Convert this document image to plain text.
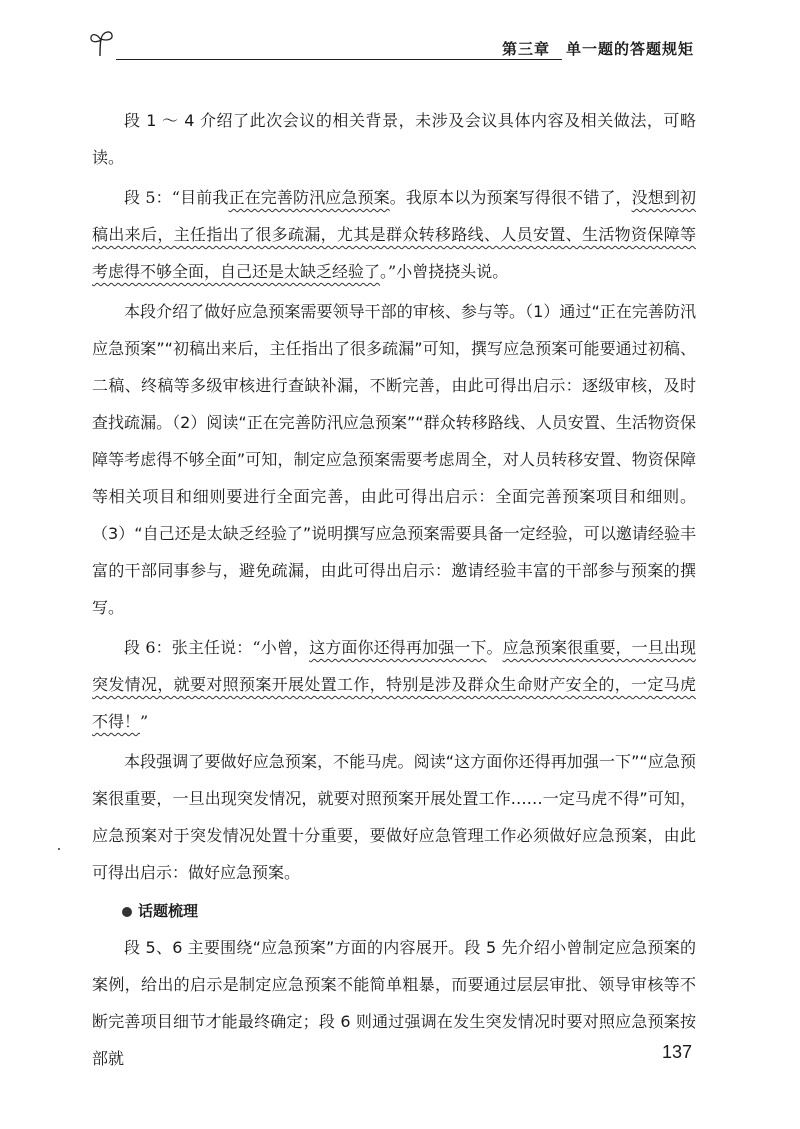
第三章　单一题的答题规矩

段 1 ～ 4 介绍了此次会议的相关背景，未涉及会议具体内容及相关做法，可略读。

段 5：“目前我正在完善防汛应急预案。我原本以为预案写得很不错了，没想到初稿出来后，主任指出了很多疏漏，尤其是群众转移路线、人员安置、生活物资保障等考虑得不够全面，自己还是太缺乏经验了。”小曾挠挠头说。

本段介绍了做好应急预案需要领导干部的审核、参与等。（1）通过“正在完善防汛应急预案”“初稿出来后，主任指出了很多疏漏”可知，撰写应急预案可能要通过初稿、二稿、终稿等多级审核进行查缺补漏，不断完善，由此可得出启示：逐级审核，及时查找疏漏。（2）阅读“正在完善防汛应急预案”“群众转移路线、人员安置、生活物资保障等考虑得不够全面”可知，制定应急预案需要考虑周全，对人员转移安置、物资保障等相关项目和细则要进行全面完善，由此可得出启示：全面完善预案项目和细则。（3）“自己还是太缺乏经验了”说明撰写应急预案需要具备一定经验，可以邀请经验丰富的干部同事参与，避免疏漏，由此可得出启示：邀请经验丰富的干部参与预案的撰写。

段 6：张主任说：“小曾，这方面你还得再加强一下。应急预案很重要，一旦出现突发情况，就要对照预案开展处置工作，特别是涉及群众生命财产安全的，一定马虎不得！”

本段强调了要做好应急预案，不能马虎。阅读“这方面你还得再加强一下”“应急预案很重要，一旦出现突发情况，就要对照预案开展处置工作……一定马虎不得”可知，应急预案对于突发情况处置十分重要，要做好应急管理工作必须做好应急预案，由此可得出启示：做好应急预案。

话题梳理

段 5、6 主要围绕“应急预案”方面的内容展开。段 5 先介绍小曾制定应急预案的案例，给出的启示是制定应急预案不能简单粗暴，而要通过层层审批、领导审核等不断完善项目细节才能最终确定；段 6 则通过强调在发生突发情况时要对照应急预案按部就	137
